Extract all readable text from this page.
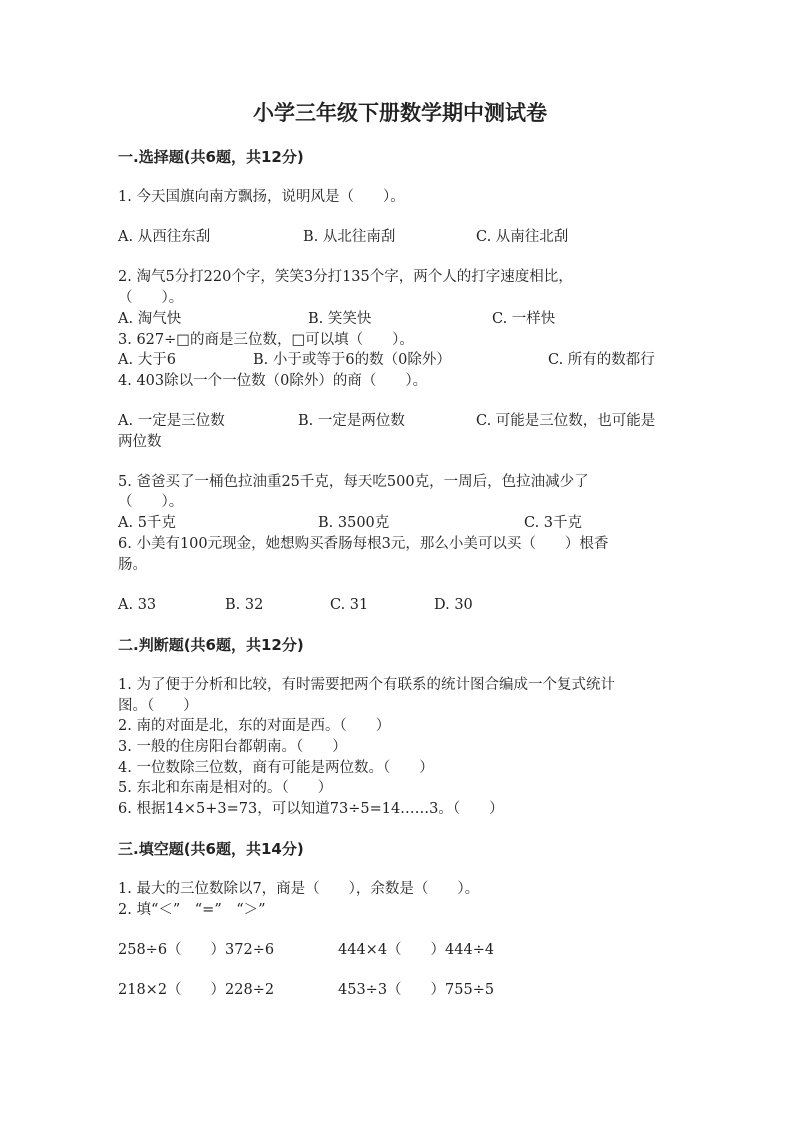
小学三年级下册数学期中测试卷
一.选择题(共6题，共12分)
1. 今天国旗向南方飘扬，说明风是（　　）。
A. 从西往东刮	B. 从北往南刮	C. 从南往北刮
2. 淘气5分打220个字，笑笑3分打135个字，两个人的打字速度相比，
（　　）。
A. 淘气快	B. 笑笑快	C. 一样快
3. 627÷□的商是三位数，□可以填（　　）。
A. 大于6	B. 小于或等于6的数（0除外）	C. 所有的数都行
4. 403除以一个一位数（0除外）的商（　　）。
A. 一定是三位数	B. 一定是两位数	C. 可能是三位数，也可能是
两位数
5. 爸爸买了一桶色拉油重25千克，每天吃500克，一周后，色拉油减少了
（　　）。
A. 5千克	B. 3500克	C. 3千克
6. 小美有100元现金，她想购买香肠每根3元，那么小美可以买（　　）根香
肠。
A. 33	B. 32	C. 31	D. 30
二.判断题(共6题，共12分)
1. 为了便于分析和比较，有时需要把两个有联系的统计图合编成一个复式统计
图。（　　）
2. 南的对面是北，东的对面是西。（　　）
3. 一般的住房阳台都朝南。（　　）
4. 一位数除三位数，商有可能是两位数。（　　）
5. 东北和东南是相对的。（　　）
6. 根据14×5+3=73，可以知道73÷5=14……3。（　　）
三.填空题(共6题，共14分)
1. 最大的三位数除以7，商是（　　），余数是（　　）。
2. 填“＜”　“=”　“＞”
258÷6（　　）372÷6	444×4（　　）444÷4
218×2（　　）228÷2	453÷3（　　）755÷5
